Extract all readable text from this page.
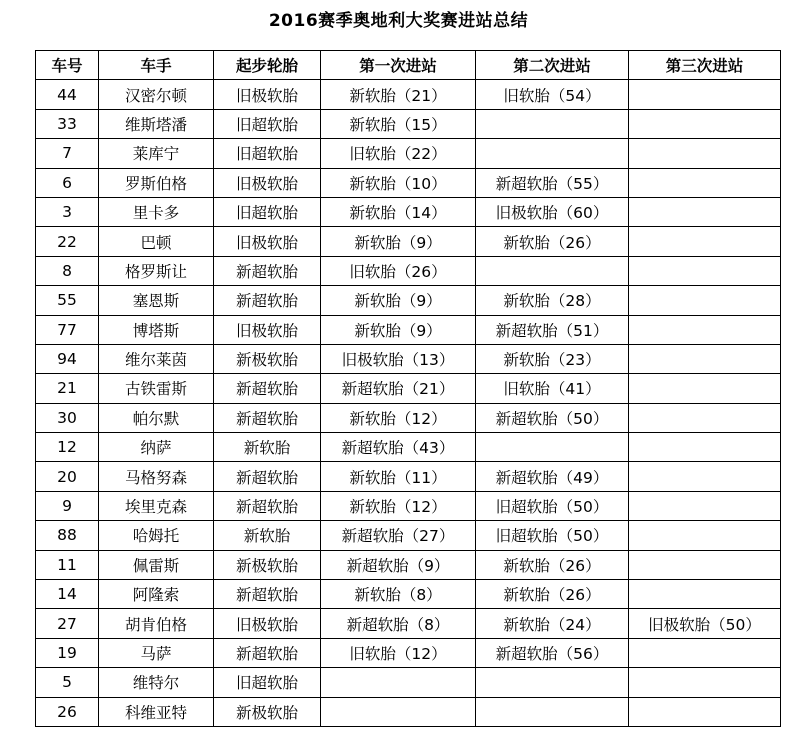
2016赛季奥地利大奖赛进站总结
车号	车手	起步轮胎	第一次进站	第二次进站	第三次进站
44	汉密尔顿	旧极软胎	新软胎（21）	旧软胎（54）	
33	维斯塔潘	旧超软胎	新软胎（15）		
7	莱库宁	旧超软胎	旧软胎（22）		
6	罗斯伯格	旧极软胎	新软胎（10）	新超软胎（55）	
3	里卡多	旧超软胎	新软胎（14）	旧极软胎（60）	
22	巴顿	旧极软胎	新软胎（9）	新软胎（26）	
8	格罗斯让	新超软胎	旧软胎（26）		
55	塞恩斯	新超软胎	新软胎（9）	新软胎（28）	
77	博塔斯	旧极软胎	新软胎（9）	新超软胎（51）	
94	维尔莱茵	新极软胎	旧极软胎（13）	新软胎（23）	
21	古铁雷斯	新超软胎	新超软胎（21）	旧软胎（41）	
30	帕尔默	新超软胎	新软胎（12）	新超软胎（50）	
12	纳萨	新软胎	新超软胎（43）		
20	马格努森	新超软胎	新软胎（11）	新超软胎（49）	
9	埃里克森	新超软胎	新软胎（12）	旧超软胎（50）	
88	哈姆托	新软胎	新超软胎（27）	旧超软胎（50）	
11	佩雷斯	新极软胎	新超软胎（9）	新软胎（26）	
14	阿隆索	新超软胎	新软胎（8）	新软胎（26）	
27	胡肯伯格	旧极软胎	新超软胎（8）	新软胎（24）	旧极软胎（50）
19	马萨	新超软胎	旧软胎（12）	新超软胎（56）	
5	维特尔	旧超软胎			
26	科维亚特	新极软胎			
